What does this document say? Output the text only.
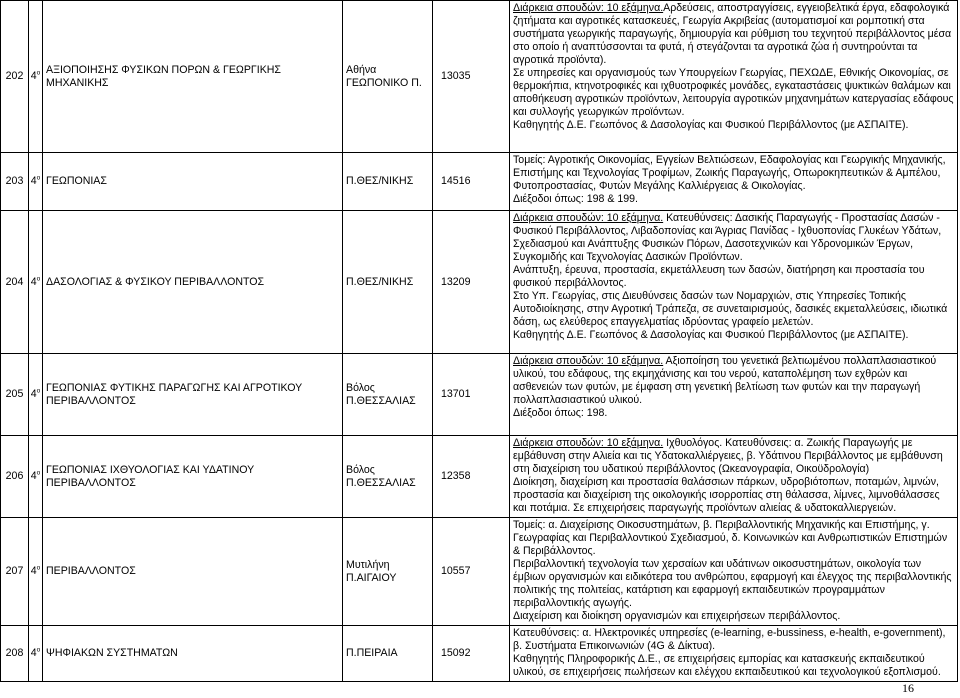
202	$4^o$	ΑΞΙΟΠΟΙΗΣΗΣ ΦΥΣΙΚΩΝ ΠΟΡΩΝ & ΓΕΩΡΓΙΚΗΣ ΜΗΧΑΝΙΚΗΣ	Αθήνα
ΓΕΩΠΟΝΙΚΟ Π.	13035	Διάρκεια σπουδών: 10 εξάμηνα.Αρδεύσεις, αποστραγγίσεις, εγγειοβελτικά έργα, εδαφολογικά ζητήματα και αγροτικές κατασκευές, Γεωργία Ακριβείας (αυτοματισμοί και ρομποτική στα συστήματα γεωργικής παραγωγής, δημιουργία και ρύθμιση του τεχνητού περιβάλλοντος μέσα στο οποίο ή αναπτύσσονται τα φυτά, ή στεγάζονται τα αγροτικά ζώα ή συντηρούνται τα αγροτικά προϊόντα).
Σε υπηρεσίες και οργανισμούς των Υπουργείων Γεωργίας, ΠΕΧΩΔΕ, Εθνικής Οικονομίας, σε θερμοκήπια, κτηνοτροφικές και ιχθυοτροφικές μονάδες, εγκαταστάσεις ψυκτικών θαλάμων και αποθήκευση αγροτικών προϊόντων, λειτουργία αγροτικών μηχανημάτων κατεργασίας εδάφους και συλλογής γεωργικών προϊόντων.
Καθηγητής Δ.Ε. Γεωπόνος & Δασολογίας και Φυσικού Περιβάλλοντος (με ΑΣΠΑΙΤΕ).
203	$4^o$	ΓΕΩΠΟΝΙΑΣ	Π.ΘΕΣ/ΝΙΚΗΣ	14516	Τομείς: Αγροτικής Οικονομίας, Εγγείων Βελτιώσεων, Εδαφολογίας και Γεωργικής Μηχανικής, Επιστήμης και Τεχνολογίας Τροφίμων, Ζωικής Παραγωγής, Οπωροκηπευτικών & Αμπέλου, Φυτοπροστασίας, Φυτών Μεγάλης Καλλιέργειας & Οικολογίας.
Διέξοδοι όπως: 198 & 199.
204	$4^o$	ΔΑΣΟΛΟΓΙΑΣ & ΦΥΣΙΚΟΥ ΠΕΡΙΒΑΛΛΟΝΤΟΣ	Π.ΘΕΣ/ΝΙΚΗΣ	13209	Διάρκεια σπουδών: 10 εξάμηνα. Κατευθύνσεις: Δασικής Παραγωγής - Προστασίας Δασών - Φυσικού Περιβάλλοντος, Λιβαδοπονίας και Άγριας Πανίδας - Ιχθυοπονίας Γλυκέων Υδάτων, Σχεδιασμού και Ανάπτυξης Φυσικών Πόρων, Δασοτεχνικών και Υδρονομικών Έργων, Συγκομιδής και Τεχνολογίας Δασικών Προϊόντων.
Ανάπτυξη, έρευνα, προστασία, εκμετάλλευση των δασών, διατήρηση και προστασία του φυσικού περιβάλλοντος.
Στο Υπ. Γεωργίας, στις Διευθύνσεις δασών των Νομαρχιών, στις Υπηρεσίες Τοπικής Αυτοδιοίκησης, στην Αγροτική Τράπεζα, σε συνεταιρισμούς, δασικές εκμεταλλεύσεις, ιδιωτικά δάση, ως ελεύθερος επαγγελματίας ιδρύοντας γραφείο μελετών.
Καθηγητής Δ.Ε. Γεωπόνος & Δασολογίας και Φυσικού Περιβάλλοντος (με ΑΣΠΑΙΤΕ).
205	$4^o$	ΓΕΩΠΟΝΙΑΣ ΦΥΤΙΚΗΣ ΠΑΡΑΓΩΓΗΣ ΚΑΙ ΑΓΡΟΤΙΚΟΥ ΠΕΡΙΒΑΛΛΟΝΤΟΣ	Βόλος
Π.ΘΕΣΣΑΛΙΑΣ	13701	Διάρκεια σπουδών: 10 εξάμηνα. Αξιοποίηση του γενετικά βελτιωμένου πολλαπλασιαστικού υλικού, του εδάφους, της εκμηχάνισης και του νερού, καταπολέμηση των εχθρών και ασθενειών των φυτών, με έμφαση στη γενετική βελτίωση των φυτών και την παραγωγή πολλαπλασιαστικού υλικού.
Διέξοδοι όπως: 198.
206	$4^o$	ΓΕΩΠΟΝΙΑΣ ΙΧΘΥΟΛΟΓΙΑΣ ΚΑΙ ΥΔΑΤΙΝΟΥ ΠΕΡΙΒΑΛΛΟΝΤΟΣ	Βόλος
Π.ΘΕΣΣΑΛΙΑΣ	12358	Διάρκεια σπουδών: 10 εξάμηνα. Ιχθυολόγος. Κατευθύνσεις: α. Ζωικής Παραγωγής με εμβάθυνση στην Αλιεία και τις Υδατοκαλλιέργειες, β. Υδάτινου Περιβάλλοντος με εμβάθυνση στη διαχείριση του υδατικού περιβάλλοντος (Ωκεανογραφία, Οικοϋδρολογία)
Διοίκηση, διαχείριση και προστασία θαλάσσιων πάρκων, υδροβιότοπων, ποταμών, λιμνών, προστασία και διαχείριση της οικολογικής ισορροπίας στη θάλασσα, λίμνες, λιμνοθάλασσες και ποτάμια. Σε επιχειρήσεις παραγωγής προϊόντων αλιείας & υδατοκαλλιεργειών.
207	$4^o$	ΠΕΡΙΒΑΛΛΟΝΤΟΣ	Μυτιλήνη
Π.ΑΙΓΑΙΟΥ	10557	Τομείς: α. Διαχείρισης Οικοσυστημάτων, β. Περιβαλλοντικής Μηχανικής και Επιστήμης, γ. Γεωγραφίας και Περιβαλλοντικού Σχεδιασμού, δ. Κοινωνικών και Ανθρωπιστικών Επιστημών & Περιβάλλοντος.
Περιβαλλοντική τεχνολογία των χερσαίων και υδάτινων οικοσυστημάτων, οικολογία των έμβιων οργανισμών και ειδικότερα του ανθρώπου, εφαρμογή και έλεγχος της περιβαλλοντικής πολιτικής της πολιτείας, κατάρτιση και εφαρμογή εκπαιδευτικών προγραμμάτων περιβαλλοντικής αγωγής.
Διαχείριση και διοίκηση οργανισμών και επιχειρήσεων περιβάλλοντος.
208	$4^o$	ΨΗΦΙΑΚΩΝ ΣΥΣΤΗΜΑΤΩΝ	Π.ΠΕΙΡΑΙΑ	15092	Κατευθύνσεις: α. Ηλεκτρονικές υπηρεσίες (e-learning, e-bussiness, e-health, e-government), β. Συστήματα Επικοινωνιών (4G & Δίκτυα).
Καθηγητής Πληροφορικής Δ.Ε., σε επιχειρήσεις εμπορίας και κατασκευής εκπαιδευτικού υλικού, σε επιχειρήσεις πωλήσεων και ελέγχου εκπαιδευτικού και τεχνολογικού εξοπλισμού.
16
